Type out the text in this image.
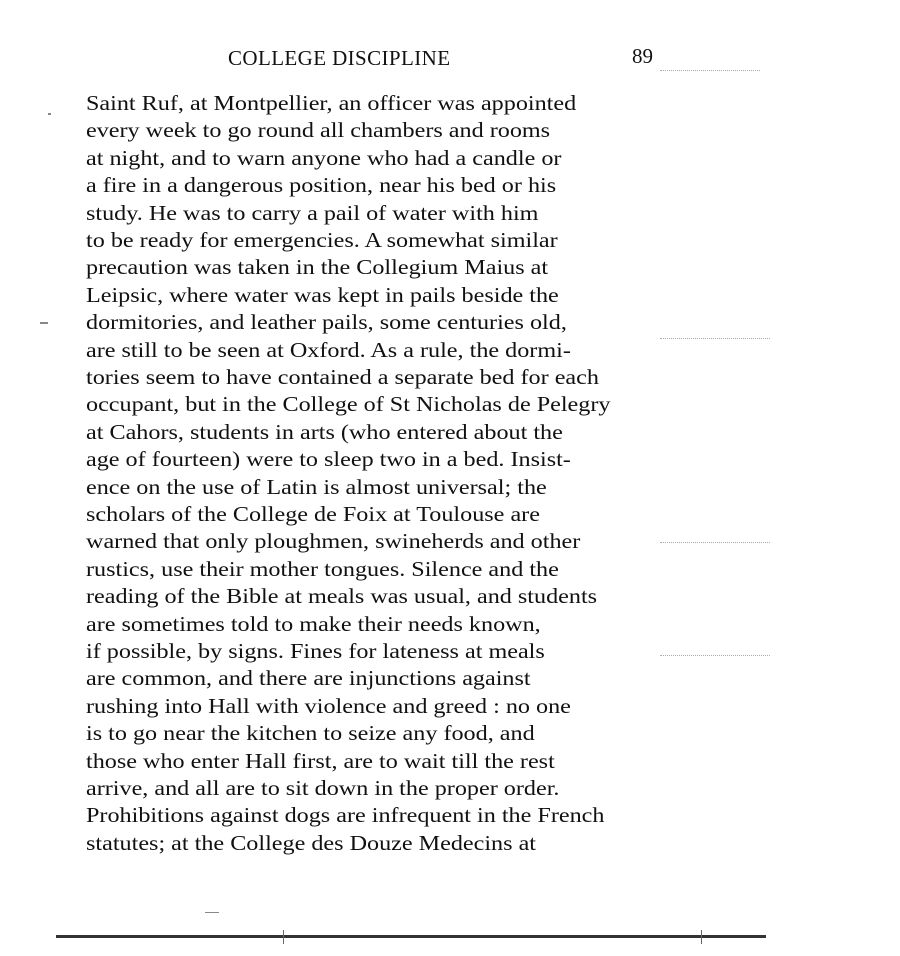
COLLEGE DISCIPLINE	89
Saint Ruf, at Montpellier, an officer was appointed
every week to go round all chambers and rooms
at night, and to warn anyone who had a candle or
a fire in a dangerous position, near his bed or his
study. He was to carry a pail of water with him
to be ready for emergencies. A somewhat similar
precaution was taken in the Collegium Maius at
Leipsic, where water was kept in pails beside the
dormitories, and leather pails, some centuries old,
are still to be seen at Oxford. As a rule, the dormi-
tories seem to have contained a separate bed for each
occupant, but in the College of St Nicholas de Pelegry
at Cahors, students in arts (who entered about the
age of fourteen) were to sleep two in a bed. Insist-
ence on the use of Latin is almost universal; the
scholars of the College de Foix at Toulouse are
warned that only ploughmen, swineherds and other
rustics, use their mother tongues. Silence and the
reading of the Bible at meals was usual, and students
are sometimes told to make their needs known,
if possible, by signs. Fines for lateness at meals
are common, and there are injunctions against
rushing into Hall with violence and greed : no one
is to go near the kitchen to seize any food, and
those who enter Hall first, are to wait till the rest
arrive, and all are to sit down in the proper order.
Prohibitions against dogs are infrequent in the French
statutes; at the College des Douze Medecins at
